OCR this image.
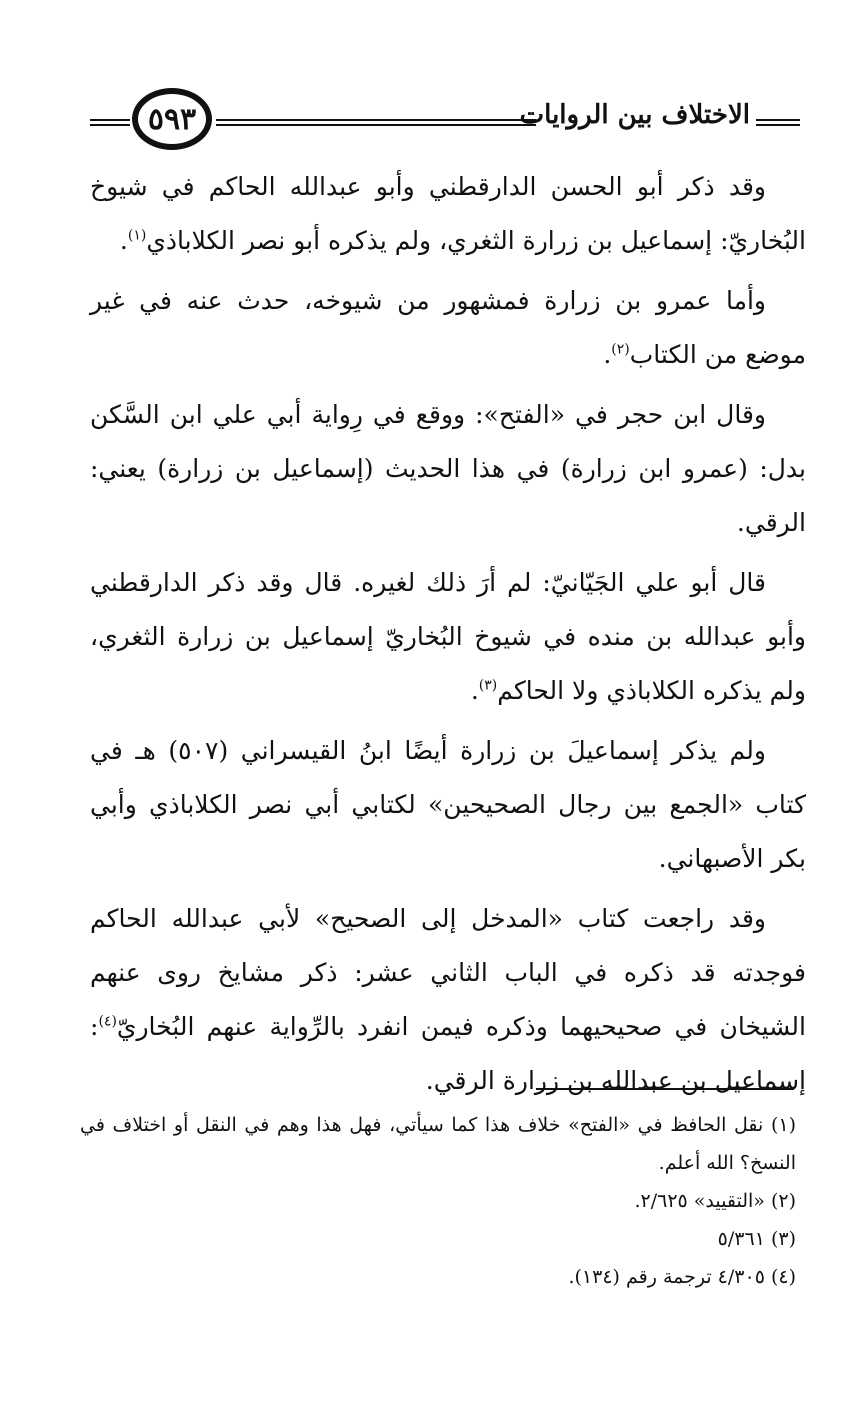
الاختلاف بين الروايات
٥٩٣

وقد ذكر أبو الحسن الدارقطني وأبو عبدالله الحاكم في شيوخ البُخاريّ: إسماعيل بن زرارة الثغري، ولم يذكره أبو نصر الكلاباذي$^{(١)}$.

وأما عمرو بن زرارة فمشهور من شيوخه، حدث عنه في غير موضع من الكتاب$^{(٢)}$.

وقال ابن حجر في «الفتح»: ووقع في رِواية أبي علي ابن السَّكن بدل: (عمرو ابن زرارة) في هذا الحديث (إسماعيل بن زرارة) يعني: الرقي.

قال أبو علي الجَيّانيّ: لم أرَ ذلك لغيره. قال وقد ذكر الدارقطني وأبو عبدالله بن منده في شيوخ البُخاريّ إسماعيل بن زرارة الثغري، ولم يذكره الكلاباذي ولا الحاكم$^{(٣)}$.

ولم يذكر إسماعيلَ بن زرارة أيضًا ابنُ القيسراني (٥٠٧) هـ في كتاب «الجمع بين رجال الصحيحين» لكتابي أبي نصر الكلاباذي وأبي بكر الأصبهاني.

وقد راجعت كتاب «المدخل إلى الصحيح» لأبي عبدالله الحاكم فوجدته قد ذكره في الباب الثاني عشر: ذكر مشايخ روى عنهم الشيخان في صحيحيهما وذكره فيمن انفرد بالرِّواية عنهم البُخاريّ$^{(٤)}$: إسماعيل بن عبدالله بن زرارة الرقي.

(١) نقل الحافظ في «الفتح» خلاف هذا كما سيأتي، فهل هذا وهم في النقل أو اختلاف في النسخ؟ الله أعلم.

(٢) «التقييد» ٢/٦٢٥.

(٣) ٥/٣٦١

(٤) ٤/٣٠٥ ترجمة رقم (١٣٤).
